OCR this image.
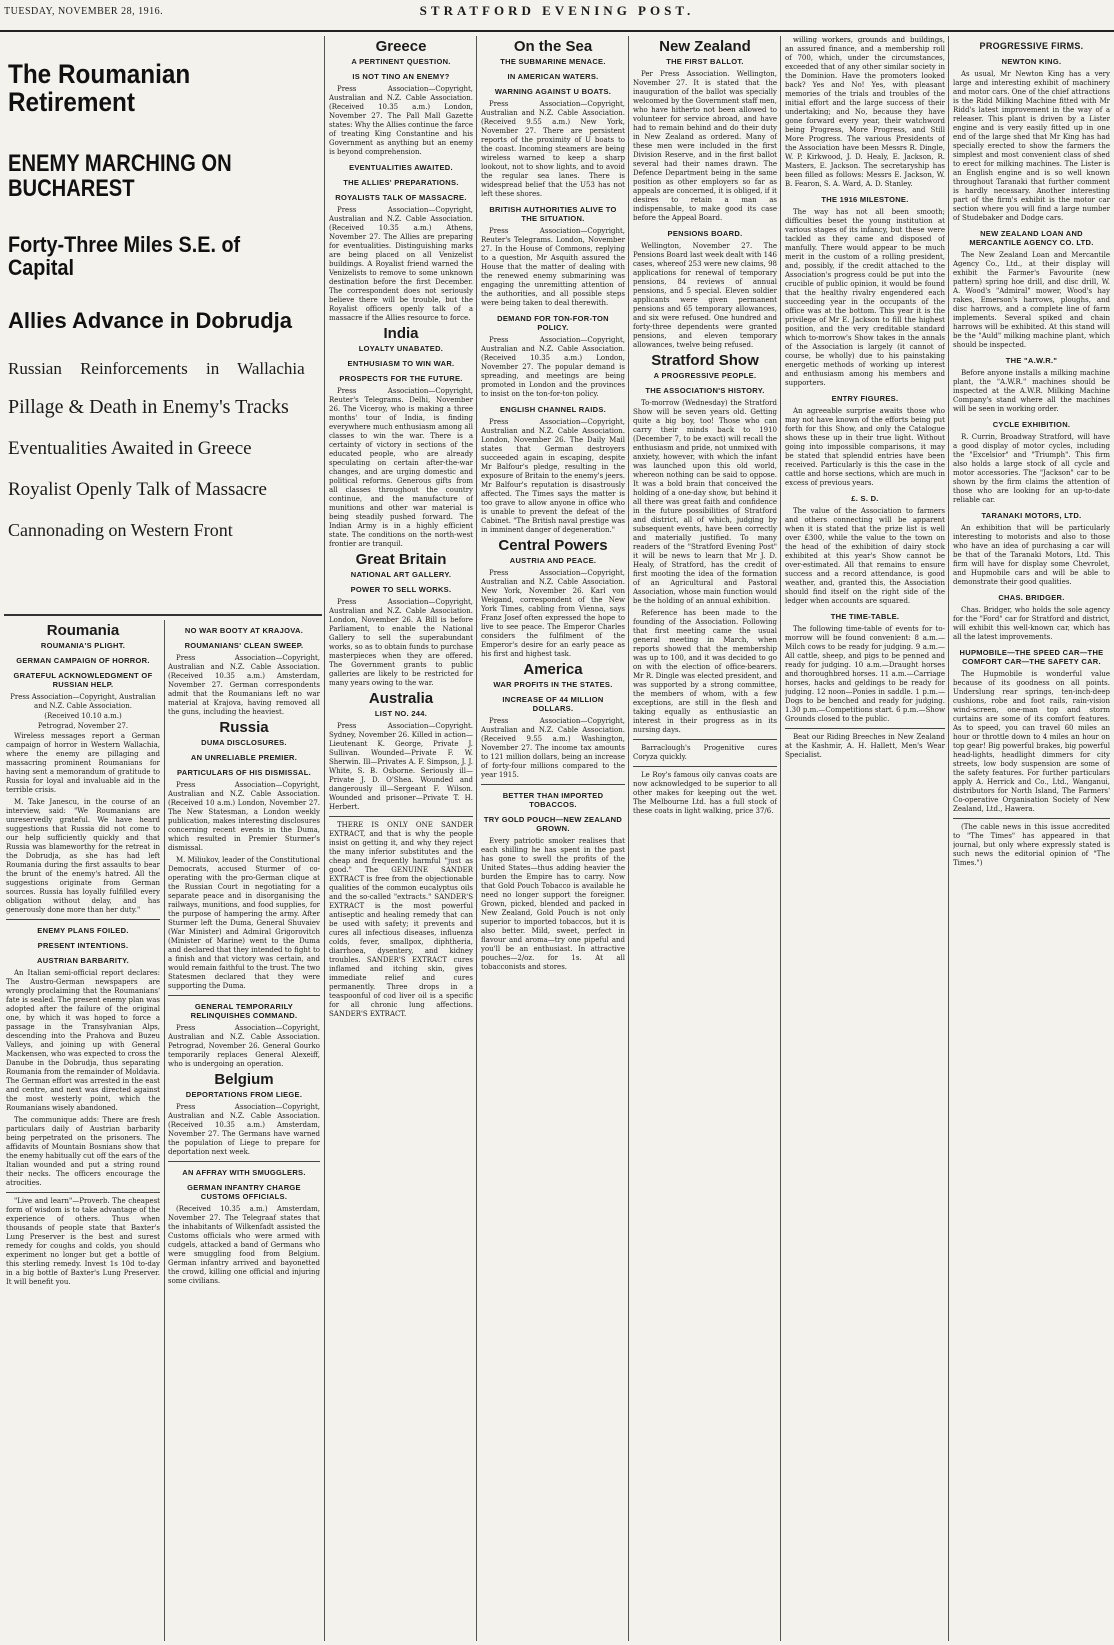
TUESDAY, NOVEMBER 28, 1916.	STRATFORD EVENING POST.
The Roumanian Retirement
ENEMY MARCHING ON BUCHAREST
Forty-Three Miles S.E. of Capital
Allies Advance in Dobrudja
Russian Reinforcements in Wallachia
Pillage & Death in Enemy's Tracks
Eventualities Awaited in Greece
Royalist Openly Talk of Massacre
Cannonading on Western Front
Roumania
ROUMANIA'S PLIGHT.
GERMAN CAMPAIGN OF HORROR.
GRATEFUL ACKNOWLEDGMENT OF RUSSIAN HELP.
Press Association—Copyright, Australian and N.Z. Cable Association.
(Received 10.10 a.m.)
Petrograd, November 27.

Wireless messages report a German campaign of horror in Western Wallachia, where the enemy are pillaging and massacring prominent Roumanians for having sent a memorandum of gratitude to Russia for loyal and invaluable aid in the terrible crisis.

M. Take Janescu, in the course of an interview, said: "We Roumanians are unreservedly grateful. We have heard suggestions that Russia did not come to our help sufficiently quickly and that Russia was blameworthy for the retreat in the Dobrudja, as she has had left Roumania during the first assaults to bear the brunt of the enemy's hatred. All the suggestions originate from German sources. Russia has loyally fulfilled every obligation without delay, and has generously done more than her duty."

ENEMY PLANS FOILED.
PRESENT INTENTIONS.
AUSTRIAN BARBARITY.

An Italian semi-official report declares: The Austro-German newspapers are wrongly proclaiming that the Roumanians' fate is sealed. The present enemy plan was adopted after the failure of the original one, by which it was hoped to force a passage in the Transylvanian Alps, descending into the Prahova and Buzeu Valleys, and joining up with General Mackensen, who was expected to cross the Danube in the Dobrudja, thus separating Roumania from the remainder of Moldavia. The German effort was arrested in the east and centre, and next was directed against the most westerly point, which the Roumanians wisely abandoned.

The communique adds: There are fresh particulars daily of Austrian barbarity being perpetrated on the prisoners. The affidavits of Mountain Bosnians show that the enemy habitually cut off the ears of the Italian wounded and put a string round their necks. The officers encourage the atrocities.

"Live and learn"—Proverb. The cheapest form of wisdom is to take advantage of the experience of others. Thus when thousands of people state that Baxter's Lung Preserver is the best and surest remedy for coughs and colds, you should experiment no longer but get a bottle of this sterling remedy. Invest 1s 10d to-day in a big bottle of Baxter's Lung Preserver. It will benefit you.

NO WAR BOOTY AT KRAJOVA.
ROUMANIANS' CLEAN SWEEP.

Press Association—Copyright, Australian and N.Z. Cable Association. (Received 10.35 a.m.) Amsterdam, November 27. German correspondents admit that the Roumanians left no war material at Krajova, having removed all the guns, including the heaviest.

Russia
DUMA DISCLOSURES.
AN UNRELIABLE PREMIER.
PARTICULARS OF HIS DISMISSAL.

Press Association—Copyright, Australian and N.Z. Cable Association. (Received 10 a.m.) London, November 27. The New Statesman, a London weekly publication, makes interesting disclosures concerning recent events in the Duma, which resulted in Premier Sturmer's dismissal.

M. Miliukov, leader of the Constitutional Democrats, accused Sturmer of co-operating with the pro-German clique at the Russian Court in negotiating for a separate peace and in disorganising the railways, munitions, and food supplies, for the purpose of hampering the army. After Sturmer left the Duma, General Shuvaiev (War Minister) and Admiral Grigorovitch (Minister of Marine) went to the Duma and declared that they intended to fight to a finish and that victory was certain, and would remain faithful to the trust. The two Statesmen declared that they were supporting the Duma.

GENERAL TEMPORARILY RELINQUISHES COMMAND.

Press Association—Copyright, Australian and N.Z. Cable Association. Petrograd, November 26. General Gourko temporarily replaces General Alexeiff, who is undergoing an operation.

Belgium
DEPORTATIONS FROM LIEGE.

Press Association—Copyright, Australian and N.Z. Cable Association. (Received 10.35 a.m.) Amsterdam, November 27. The Germans have warned the population of Liege to prepare for deportation next week.

AN AFFRAY WITH SMUGGLERS.
GERMAN INFANTRY CHARGE CUSTOMS OFFICIALS.

(Received 10.35 a.m.) Amsterdam, November 27. The Telegraaf states that the inhabitants of Wilkenfadt assisted the Customs officials who were armed with cudgels, attacked a band of Germans who were smuggling food from Belgium. German infantry arrived and bayonetted the crowd, killing one official and injuring some civilians.

Greece
A PERTINENT QUESTION.
IS NOT TINO AN ENEMY?

Press Association—Copyright, Australian and N.Z. Cable Association. (Received 10.35 a.m.) London, November 27. The Pall Mall Gazette states: Why the Allies continue the farce of treating King Constantine and his Government as anything but an enemy is beyond comprehension.

EVENTUALITIES AWAITED.
THE ALLIES' PREPARATIONS.
ROYALISTS TALK OF MASSACRE.

Press Association—Copyright, Australian and N.Z. Cable Association. (Received 10.35 a.m.) Athens, November 27. The Allies are preparing for eventualities. Distinguishing marks are being placed on all Venizelist buildings. A Royalist friend warned the Venizelists to remove to some unknown destination before the first December. The correspondent does not seriously believe there will be trouble, but the Royalist officers openly talk of a massacre if the Allies resource to force.

India
LOYALTY UNABATED.
ENTHUSIASM TO WIN WAR.
PROSPECTS FOR THE FUTURE.

Press Association—Copyright, Reuter's Telegrams. Delhi, November 26. The Viceroy, who is making a three months' tour of India, is finding everywhere much enthusiasm among all classes to win the war. There is a certainty of victory in sections of the educated people, who are already speculating on certain after-the-war changes, and are urging domestic and political reforms. Generous gifts from all classes throughout the country continue, and the manufacture of munitions and other war material is being steadily pushed forward. The Indian Army is in a highly efficient state. The conditions on the north-west frontier are tranquil.

Great Britain
NATIONAL ART GALLERY.
POWER TO SELL WORKS.

Press Association—Copyright, Australian and N.Z. Cable Association. London, November 26. A Bill is before Parliament, to enable the National Gallery to sell the superabundant works, so as to obtain funds to purchase masterpieces when they are offered. The Government grants to public galleries are likely to be restricted for many years owing to the war.

Australia
LIST NO. 244.

Press Association—Copyright. Sydney, November 26. Killed in action—Lieutenant K. George, Private J. Sullivan. Wounded—Private F. W. Sherwin. Ill—Privates A. F. Simpson, J. J. White, S. B. Osborne. Seriously ill—Private J. D. O'Shea. Wounded and dangerously ill—Sergeant F. Wilson. Wounded and prisoner—Private T. H. Herbert.

THERE IS ONLY ONE SANDER EXTRACT, and that is why the people insist on getting it, and why they reject the many inferior substitutes and the cheap and frequently harmful "just as good." The GENUINE SANDER EXTRACT is free from the objectionable qualities of the common eucalyptus oils and the so-called "extracts." SANDER'S EXTRACT is the most powerful antiseptic and healing remedy that can be used with safety; it prevents and cures all infectious diseases, influenza colds, fever, smallpox, diphtheria, diarrhoea, dysentery, and kidney troubles. SANDER'S EXTRACT cures inflamed and itching skin, gives immediate relief and cures permanently. Three drops in a teaspoonful of cod liver oil is a specific for all chronic lung affections. SANDER'S EXTRACT.

On the Sea
THE SUBMARINE MENACE.
IN AMERICAN WATERS.
WARNING AGAINST U BOATS.

Press Association—Copyright, Australian and N.Z. Cable Association. (Received 9.55 a.m.) New York, November 27. There are persistent reports of the proximity of U boats to the coast. Incoming steamers are being wireless warned to keep a sharp lookout, not to show lights, and to avoid the regular sea lanes. There is widespread belief that the U53 has not left these shores.

BRITISH AUTHORITIES ALIVE TO THE SITUATION.

Press Association—Copyright, Reuter's Telegrams. London, November 27. In the House of Commons, replying to a question, Mr Asquith assured the House that the matter of dealing with the renewed enemy submarining was engaging the unremitting attention of the authorities, and all possible steps were being taken to deal therewith.

DEMAND FOR TON-FOR-TON POLICY.

Press Association—Copyright, Australian and N.Z. Cable Association. (Received 10.35 a.m.) London, November 27. The popular demand is spreading, and meetings are being promoted in London and the provinces to insist on the ton-for-ton policy.

ENGLISH CHANNEL RAIDS.

Press Association—Copyright, Australian and N.Z. Cable Association. London, November 26. The Daily Mail states that German destroyers succeeded again in escaping, despite Mr Balfour's pledge, resulting in the exposure of Britain to the enemy's jeers. Mr Balfour's reputation is disastrously affected. The Times says the matter is too grave to allow anyone in office who is unable to prevent the defeat of the Cabinet. "The British naval prestige was in imminent danger of degeneration."

Central Powers
AUSTRIA AND PEACE.

Press Association—Copyright, Australian and N.Z. Cable Association. New York, November 26. Karl von Weigand, correspondent of the New York Times, cabling from Vienna, says Franz Josef often expressed the hope to live to see peace. The Emperor Charles considers the fulfilment of the Emperor's desire for an early peace as his first and highest task.

America
WAR PROFITS IN THE STATES.
INCREASE OF 44 MILLION DOLLARS.

Press Association—Copyright, Australian and N.Z. Cable Association. (Received 9.55 a.m.) Washington, November 27. The income tax amounts to 121 million dollars, being an increase of forty-four millions compared to the year 1915.

BETTER THAN IMPORTED TOBACCOS.
TRY GOLD POUCH—NEW ZEALAND GROWN.

Every patriotic smoker realises that each shilling he has spent in the past has gone to swell the profits of the United States—thus adding heavier the burden the Empire has to carry. Now that Gold Pouch Tobacco is available he need no longer support the foreigner. Grown, picked, blended and packed in New Zealand, Gold Pouch is not only superior to imported tobaccos, but it is also better. Mild, sweet, perfect in flavour and aroma—try one pipeful and you'll be an enthusiast. In attractive pouches—2/oz. for 1s. At all tobacconists and stores.

New Zealand
THE FIRST BALLOT.

Per Press Association. Wellington, November 27. It is stated that the inauguration of the ballot was specially welcomed by the Government staff men, who have hitherto not been allowed to volunteer for service abroad, and have had to remain behind and do their duty in New Zealand as ordered. Many of these men were included in the first Division Reserve, and in the first ballot several had their names drawn. The Defence Department being in the same position as other employers so far as appeals are concerned, it is obliged, if it desires to retain a man as indispensable, to make good its case before the Appeal Board.

PENSIONS BOARD.

Wellington, November 27. The Pensions Board last week dealt with 146 cases, whereof 253 were new claims, 98 applications for renewal of temporary pensions, 84 reviews of annual pensions, and 5 special. Eleven soldier applicants were given permanent pensions and 65 temporary allowances, and six were refused. One hundred and forty-three dependents were granted pensions, and eleven temporary allowances, twelve being refused.

Stratford Show
A PROGRESSIVE PEOPLE.
THE ASSOCIATION'S HISTORY.

To-morrow (Wednesday) the Stratford Show will be seven years old. Getting quite a big boy, too! Those who can carry their minds back to 1910 (December 7, to be exact) will recall the enthusiasm and pride, not unmixed with anxiety, however, with which the infant was launched upon this old world, whereon nothing can be said to oppose. It was a bold brain that conceived the holding of a one-day show, but behind it all there was great faith and confidence in the future possibilities of Stratford and district, all of which, judging by subsequent events, have been correctly and materially justified. To many readers of the "Stratford Evening Post" it will be news to learn that Mr J. D. Healy, of Stratford, has the credit of first mooting the idea of the formation of an Agricultural and Pastoral Association, whose main function would be the holding of an annual exhibition.

Reference has been made to the founding of the Association. Following that first meeting came the usual general meeting in March, when reports showed that the membership was up to 100, and it was decided to go on with the election of office-bearers. Mr R. Dingle was elected president, and was supported by a strong committee, the members of whom, with a few exceptions, are still in the flesh and taking equally as enthusiastic an interest in their progress as in its nursing days.

Barraclough's Progenitive cures Coryza quickly.

Le Roy's famous oily canvas coats are now acknowledged to be superior to all other makes for keeping out the wet. The Melbourne Ltd. has a full stock of these coats in light walking, price 37/6.

willing workers, grounds and buildings, an assured finance, and a membership roll of 700, which, under the circumstances, exceeded that of any other similar society in the Dominion. Have the promoters looked back? Yes and No! Yes, with pleasant memories of the trials and troubles of the initial effort and the large success of their undertaking; and No, because they have gone forward every year, their watchword being Progress, More Progress, and Still More Progress. The various Presidents of the Association have been Messrs R. Dingle, W. P. Kirkwood, J. D. Healy, E. Jackson, R. Masters, E. Jackson. The secretaryship has been filled as follows: Messrs E. Jackson, W. B. Fearon, S. A. Ward, A. D. Stanley.

THE 1916 MILESTONE.

The way has not all been smooth; difficulties beset the young institution at various stages of its infancy, but these were tackled as they came and disposed of manfully. There would appear to be much merit in the custom of a rolling president, and, possibly, if the credit attached to the Association's progress could be put into the crucible of public opinion, it would be found that the healthy rivalry engendered each succeeding year in the occupants of the office was at the bottom. This year it is the privilege of Mr E. Jackson to fill the highest position, and the very creditable standard which to-morrow's Show takes in the annals of the Association is largely (it cannot of course, be wholly) due to his painstaking energetic methods of working up interest and enthusiasm among his members and supporters.

ENTRY FIGURES.

An agreeable surprise awaits those who may not have known of the efforts being put forth for this Show, and only the Catalogue shows these up in their true light. Without going into impossible comparisons, it may be stated that splendid entries have been received. Particularly is this the case in the cattle and horse sections, which are much in excess of previous years.

£. S. D.

The value of the Association to farmers and others connecting will be apparent when it is stated that the prize list is well over £300, while the value to the town on the head of the exhibition of dairy stock exhibited at this year's Show cannot be over-estimated. All that remains to ensure success and a record attendance, is good weather, and, granted this, the Association should find itself on the right side of the ledger when accounts are squared.

THE TIME-TABLE.

The following time-table of events for to-morrow will be found convenient: 8 a.m.—Milch cows to be ready for judging. 9 a.m.—All cattle, sheep, and pigs to be penned and ready for judging. 10 a.m.—Draught horses and thoroughbred horses. 11 a.m.—Carriage horses, hacks and geldings to be ready for judging. 12 noon—Ponies in saddle. 1 p.m.—Dogs to be benched and ready for judging. 1.30 p.m.—Competitions start. 6 p.m.—Show Grounds closed to the public.

Beat our Riding Breeches in New Zealand at the Kashmir, A. H. Hallett, Men's Wear Specialist.

PROGRESSIVE FIRMS.
NEWTON KING.

As usual, Mr Newton King has a very large and interesting exhibit of machinery and motor cars. One of the chief attractions is the Ridd Milking Machine fitted with Mr Ridd's latest improvement in the way of a releaser. This plant is driven by a Lister engine and is very easily fitted up in one end of the large shed that Mr King has had specially erected to show the farmers the simplest and most convenient class of shed to erect for milking machines. The Lister is an English engine and is so well known throughout Taranaki that further comment is hardly necessary. Another interesting part of the firm's exhibit is the motor car section where you will find a large number of Studebaker and Dodge cars.

NEW ZEALAND LOAN AND MERCANTILE AGENCY CO. LTD.

The New Zealand Loan and Mercantile Agency Co., Ltd., at their display will exhibit the Farmer's Favourite (new pattern) spring hoe drill, and disc drill, W. A. Wood's "Admiral" mower, Wood's hay rakes, Emerson's harrows, ploughs, and disc harrows, and a complete line of farm implements. Several spiked and chain harrows will be exhibited. At this stand will be the "Auld" milking machine plant, which should be inspected.

THE "A.W.R."

Before anyone installs a milking machine plant, the "A.W.R." machines should be inspected at the A.W.R. Milking Machine Company's stand where all the machines will be seen in working order.

CYCLE EXHIBITION.

R. Currin, Broadway Stratford, will have a good display of motor cycles, including the "Excelsior" and "Triumph". This firm also holds a large stock of all cycle and motor accessories. The "Jackson" car to be shown by the firm claims the attention of those who are looking for an up-to-date reliable car.

TARANAKI MOTORS, LTD.

An exhibition that will be particularly interesting to motorists and also to those who have an idea of purchasing a car will be that of the Taranaki Motors, Ltd. This firm will have for display some Chevrolet, and Hupmobile cars and will be able to demonstrate their good qualities.

CHAS. BRIDGER.

Chas. Bridger, who holds the sole agency for the "Ford" car for Stratford and district, will exhibit this well-known car, which has all the latest improvements.

HUPMOBILE—THE SPEED CAR—THE COMFORT CAR—THE SAFETY CAR.

The Hupmobile is wonderful value because of its goodness on all points. Underslung rear springs, ten-inch-deep cushions, robe and foot rails, rain-vision wind-screen, one-man top and storm curtains are some of its comfort features. As to speed, you can travel 60 miles an hour or throttle down to 4 miles an hour on top gear! Big powerful brakes, big powerful head-lights, headlight dimmers for city streets, low body suspension are some of the safety features. For further particulars apply A. Herrick and Co., Ltd., Wanganui, distributors for North Island, The Farmers' Co-operative Organisation Society of New Zealand, Ltd., Hawera.

(The cable news in this issue accredited to "The Times" has appeared in that journal, but only where expressly stated is such news the editorial opinion of "The Times.")
